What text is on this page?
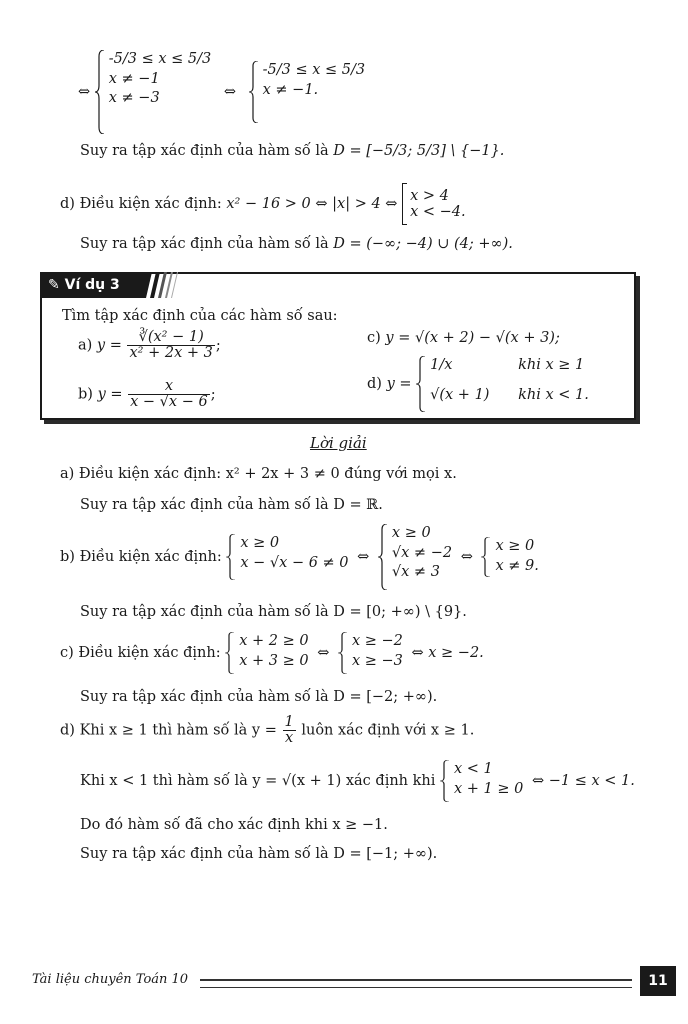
⇔
-5/3 ≤ x ≤ 5/3
x ≠ −1
x ≠ −3	⇔
-5/3 ≤ x ≤ 5/3
x ≠ −1.
Suy ra tập xác định của hàm số là D = [−5/3; 5/3] \ {−1}.
d) Điều kiện xác định: x² − 16 > 0 ⇔ |x| > 4 ⇔ x > 4
x < −4.
Suy ra tập xác định của hàm số là D = (−∞; −4) ∪ (4; +∞).
✎ Ví dụ 3
Tìm tập xác định của các hàm số sau:
a) $y = \frac{\text{∛(x² − 1)}}{\text{x² + 2x + 3}}$ ;	c) y = √(x + 2) − √(x + 3);
b) $y = \frac{x}{x - √x - 6}$ ;
d) y =
1/x	khi x ≥ 1
√(x + 1) khi x < 1.
Lời giải
a) Điều kiện xác định: x² + 2x + 3 ≠ 0 đúng với mọi x.
Suy ra tập xác định của hàm số là D = ℝ.
b) Điều kiện xác định:
x ≥ 0
x − √x − 6 ≠ 0 ⇔
x ≥ 0
√x ≠ −2
√x ≠ 3
⇔
x ≥ 0
x ≠ 9.
Suy ra tập xác định của hàm số là D = [0; +∞) \ {9}.
c) Điều kiện xác định:
x + 2 ≥ 0
x + 3 ≥ 0 ⇔
x ≥ −2
x ≥ −3 ⇔ x ≥ −2.
Suy ra tập xác định của hàm số là D = [−2; +∞).
d) Khi x ≥ 1 thì hàm số là $y = \frac{1}{x}$ luôn xác định với x ≥ 1.
Khi x < 1 thì hàm số là y = √(x + 1) xác định khi
x < 1
x + 1 ≥ 0 ⇔ −1 ≤ x < 1.
Do đó hàm số đã cho xác định khi x ≥ −1.
Suy ra tập xác định của hàm số là D = [−1; +∞).
Tài liệu chuyên Toán 10	11
